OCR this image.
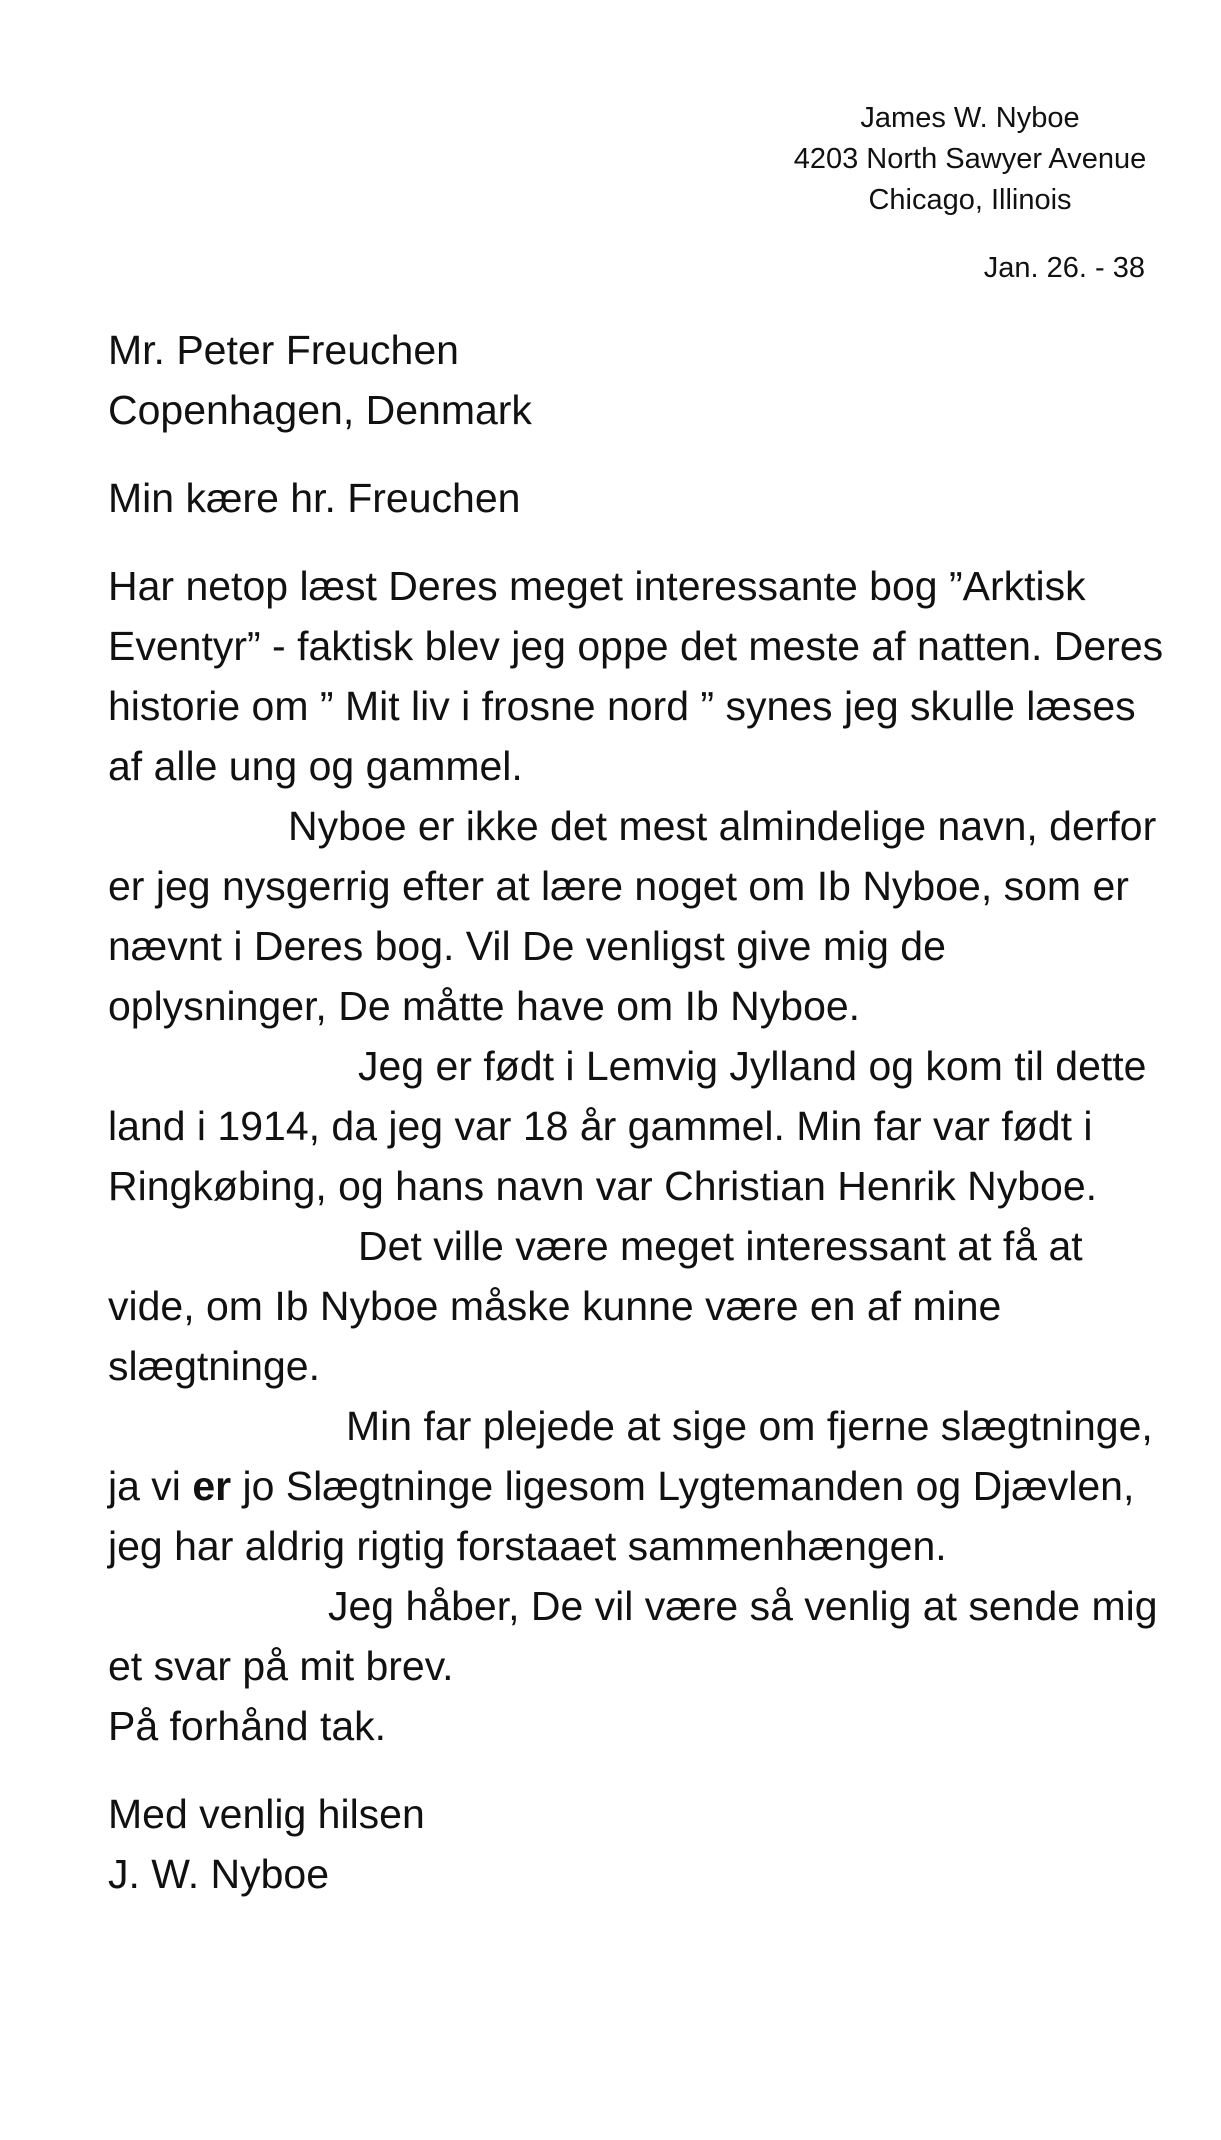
James W. Nyboe
4203 North Sawyer Avenue
Chicago, Illinois
Jan. 26. - 38
Mr. Peter Freuchen
Copenhagen, Denmark
Min kære hr. Freuchen

Har netop læst Deres meget interessante bog ”Arktisk Eventyr” - faktisk blev jeg oppe det meste af natten. Deres historie om ” Mit liv i frosne nord ” synes jeg skulle læses af alle ung og gammel.

Nyboe er ikke det mest almindelige navn, derfor er jeg nysgerrig efter at lære noget om Ib Nyboe, som er nævnt i Deres bog. Vil De venligst give mig de oplysninger, De måtte have om Ib Nyboe.

Jeg er født i Lemvig Jylland og kom til dette land i 1914, da jeg var 18 år gammel. Min far var født i Ringkøbing, og hans navn var Christian Henrik Nyboe.

Det ville være meget interessant at få at vide, om Ib Nyboe måske kunne være en af mine slægtninge.

Min far plejede at sige om fjerne slægtninge, ja vi er jo Slægtninge ligesom Lygtemanden og Djævlen, jeg har aldrig rigtig forstaaet sammenhængen.

Jeg håber, De vil være så venlig at sende mig et svar på mit brev.

På forhånd tak.

Med venlig hilsen
J. W. Nyboe
